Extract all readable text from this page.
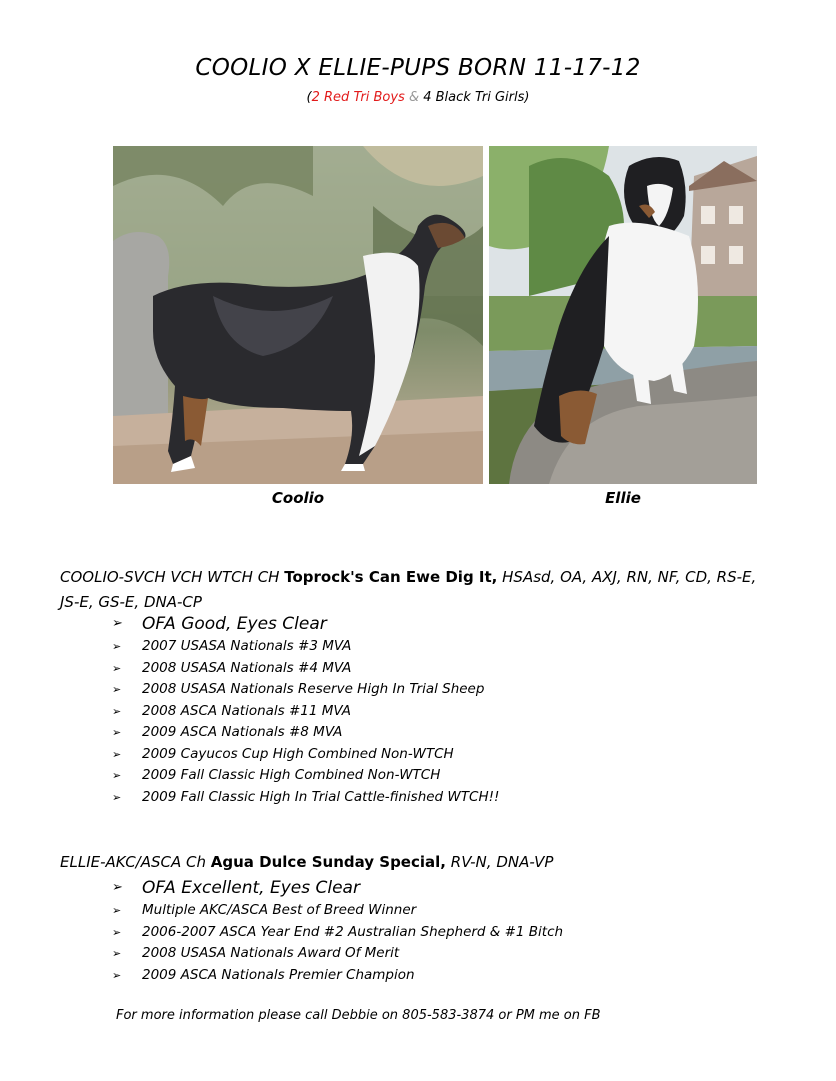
COOLIO X ELLIE-PUPS BORN 11-17-12
(2 Red Tri Boys & 4 Black Tri Girls)
Coolio	Ellie
COOLIO-SVCH VCH WTCH CH Toprock's Can Ewe Dig It, HSAsd, OA, AXJ, RN, NF, CD, RS-E, JS-E, GS-E, DNA-CP
➢ OFA Good, Eyes Clear
➢ 2007 USASA Nationals #3 MVA
➢ 2008 USASA Nationals #4 MVA
➢ 2008 USASA Nationals Reserve High In Trial Sheep
➢ 2008 ASCA Nationals #11 MVA
➢ 2009 ASCA Nationals #8 MVA
➢ 2009 Cayucos Cup High Combined Non-WTCH
➢ 2009 Fall Classic High Combined Non-WTCH
➢ 2009 Fall Classic High In Trial Cattle-finished WTCH!!
ELLIE-AKC/ASCA Ch Agua Dulce Sunday Special, RV-N, DNA-VP
➢ OFA Excellent, Eyes Clear
➢ Multiple AKC/ASCA Best of Breed Winner
➢ 2006-2007 ASCA Year End #2 Australian Shepherd & #1 Bitch
➢ 2008 USASA Nationals Award Of Merit
➢ 2009 ASCA Nationals Premier Champion
For more information please call Debbie on 805-583-3874 or PM me on FB
